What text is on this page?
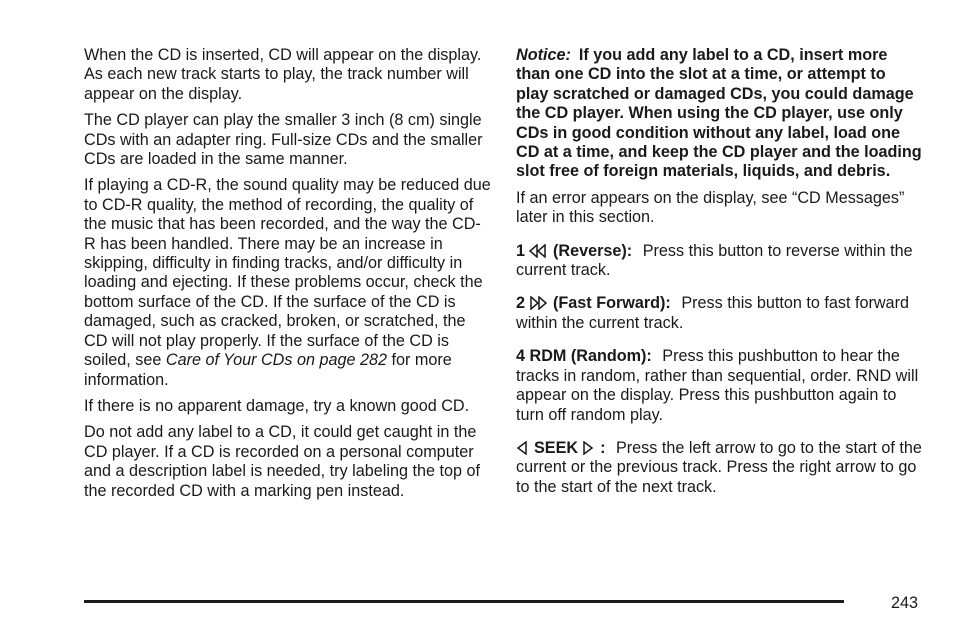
When the CD is inserted, CD will appear on the display. As each new track starts to play, the track number will appear on the display.

The CD player can play the smaller 3 inch (8 cm) single CDs with an adapter ring. Full-size CDs and the smaller CDs are loaded in the same manner.

If playing a CD-R, the sound quality may be reduced due to CD-R quality, the method of recording, the quality of the music that has been recorded, and the way the CD-R has been handled. There may be an increase in skipping, difficulty in finding tracks, and/or difficulty in loading and ejecting. If these problems occur, check the bottom surface of the CD. If the surface of the CD is damaged, such as cracked, broken, or scratched, the CD will not play properly. If the surface of the CD is soiled, see Care of Your CDs on page 282 for more information.

If there is no apparent damage, try a known good CD.

Do not add any label to a CD, it could get caught in the CD player. If a CD is recorded on a personal computer and a description label is needed, try labeling the top of the recorded CD with a marking pen instead.

Notice: If you add any label to a CD, insert more than one CD into the slot at a time, or attempt to play scratched or damaged CDs, you could damage the CD player. When using the CD player, use only CDs in good condition without any label, load one CD at a time, and keep the CD player and the loading slot free of foreign materials, liquids, and debris.

If an error appears on the display, see “CD Messages” later in this section.

1 (Reverse): Press this button to reverse within the current track.

2 (Fast Forward): Press this button to fast forward within the current track.

4 RDM (Random): Press this pushbutton to hear the tracks in random, rather than sequential, order. RND will appear on the display. Press this pushbutton again to turn off random play.

SEEK : Press the left arrow to go to the start of the current or the previous track. Press the right arrow to go to the start of the next track.

243
